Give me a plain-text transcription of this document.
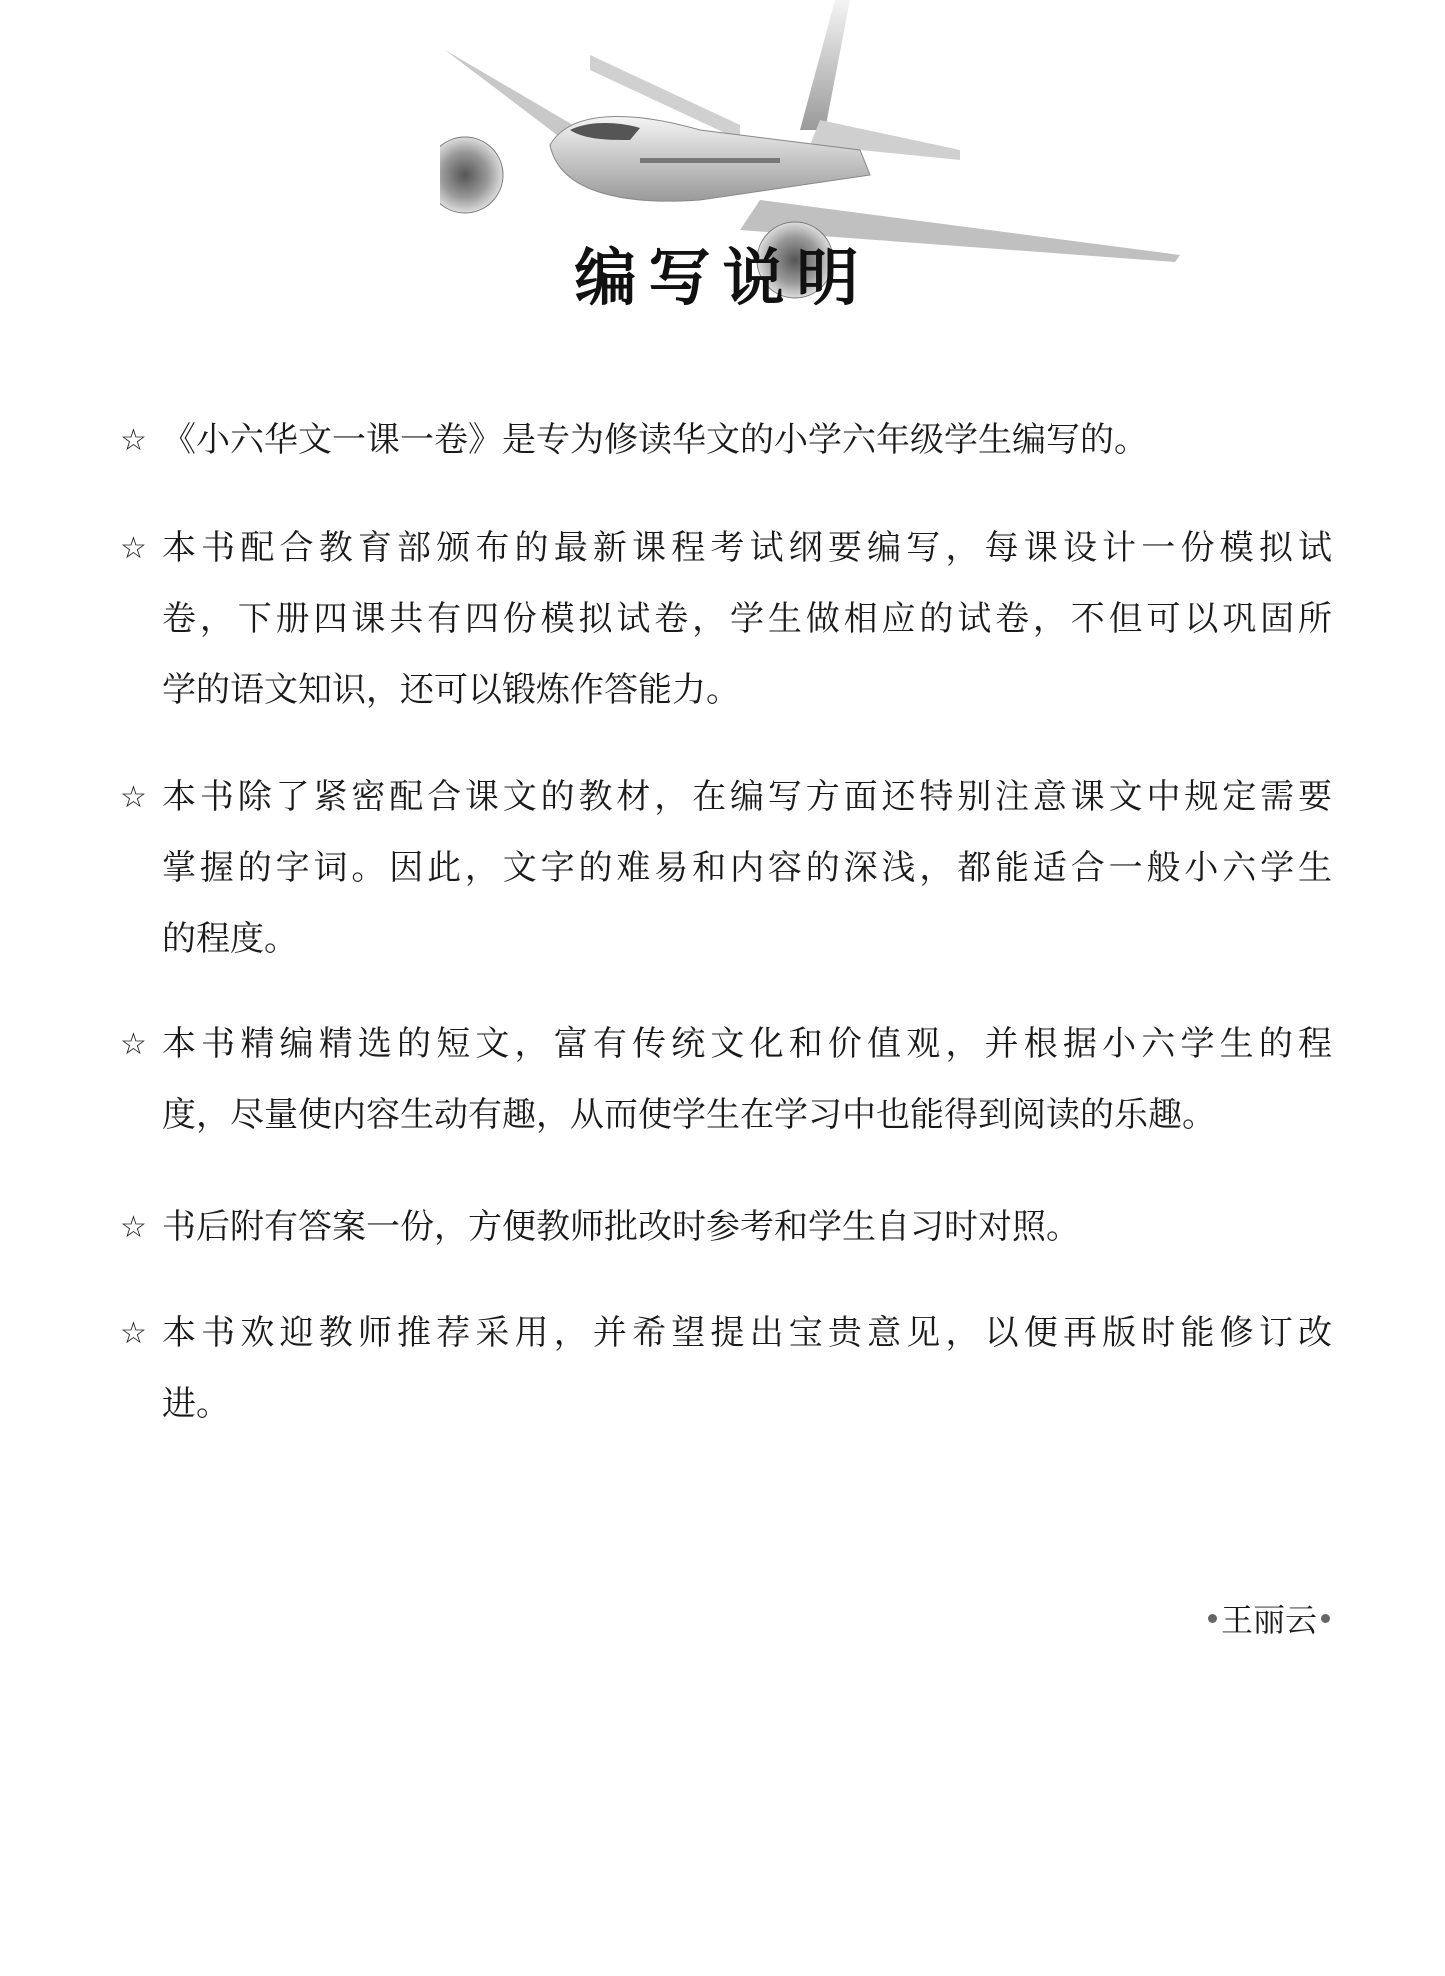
编写说明
☆ 《小六华文一课一卷》是专为修读华文的小学六年级学生编写的。
☆ 本书配合教育部颁布的最新课程考试纲要编写，每课设计一份模拟试
卷，下册四课共有四份模拟试卷，学生做相应的试卷，不但可以巩固所
学的语文知识，还可以锻炼作答能力。
☆ 本书除了紧密配合课文的教材，在编写方面还特别注意课文中规定需要
掌握的字词。因此，文字的难易和内容的深浅，都能适合一般小六学生
的程度。
☆ 本书精编精选的短文，富有传统文化和价值观，并根据小六学生的程
度，尽量使内容生动有趣，从而使学生在学习中也能得到阅读的乐趣。
☆ 书后附有答案一份，方便教师批改时参考和学生自习时对照。
☆ 本书欢迎教师推荐采用，并希望提出宝贵意见，以便再版时能修订改
进。
王丽云
